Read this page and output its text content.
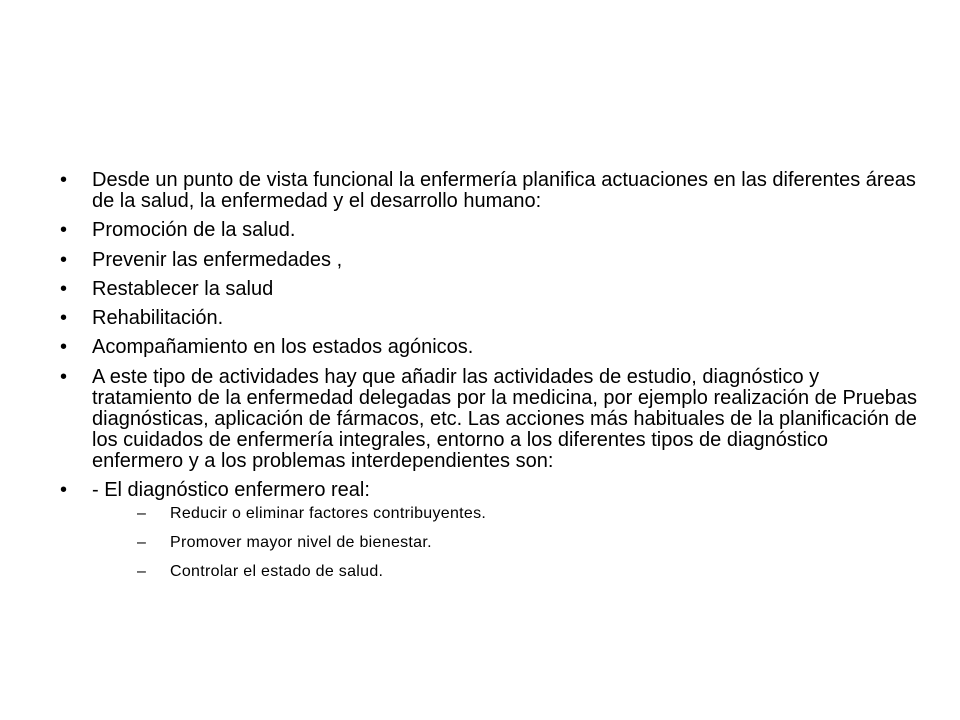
•	Desde un punto de vista funcional la enfermería planifica actuaciones en las diferentes áreas de la salud, la enfermedad y el desarrollo humano:
•	Promoción de la salud.
•	Prevenir las enfermedades ,
•	Restablecer la salud
•	Rehabilitación.
•	Acompañamiento en los estados agónicos.
•	A este tipo de actividades hay que añadir las actividades de estudio, diagnóstico y tratamiento de la enfermedad delegadas por la medicina, por ejemplo realización de Pruebas diagnósticas, aplicación de fármacos, etc. Las acciones más habituales de la planificación de los cuidados de enfermería integrales, entorno a los diferentes tipos de diagnóstico enfermero y a los problemas interdependientes son:
•	- El diagnóstico enfermero real:
– Reducir o eliminar factores contribuyentes.
– Promover mayor nivel de bienestar.
– Controlar el estado de salud.
